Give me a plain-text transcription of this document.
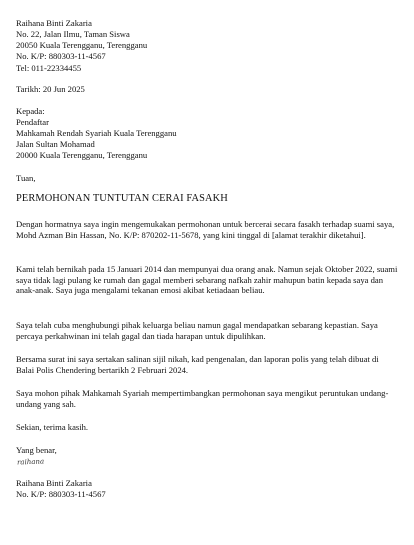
Raihana Binti Zakaria
No. 22, Jalan Ilmu, Taman Siswa
20050 Kuala Terengganu, Terengganu
No. K/P: 880303-11-4567
Tel: 011-22334455
Tarikh: 20 Jun 2025
Kepada:
Pendaftar
Mahkamah Rendah Syariah Kuala Terengganu
Jalan Sultan Mohamad
20000 Kuala Terengganu, Terengganu
Tuan,
PERMOHONAN TUNTUTAN CERAI FASAKH
Dengan hormatnya saya ingin mengemukakan permohonan untuk bercerai secara fasakh terhadap suami saya, Mohd Azman Bin Hassan, No. K/P: 870202-11-5678, yang kini tinggal di [alamat terakhir diketahui].
Kami telah bernikah pada 15 Januari 2014 dan mempunyai dua orang anak. Namun sejak Oktober 2022, suami saya tidak lagi pulang ke rumah dan gagal memberi sebarang nafkah zahir mahupun batin kepada saya dan anak-anak. Saya juga mengalami tekanan emosi akibat ketiadaan beliau.
Saya telah cuba menghubungi pihak keluarga beliau namun gagal mendapatkan sebarang kepastian. Saya percaya perkahwinan ini telah gagal dan tiada harapan untuk dipulihkan.
Bersama surat ini saya sertakan salinan sijil nikah, kad pengenalan, dan laporan polis yang telah dibuat di Balai Polis Chendering bertarikh 2 Februari 2024.
Saya mohon pihak Mahkamah Syariah mempertimbangkan permohonan saya mengikut peruntukan undang-undang yang sah.
Sekian, terima kasih.
Yang benar,
raihana
Raihana Binti Zakaria
No. K/P: 880303-11-4567
